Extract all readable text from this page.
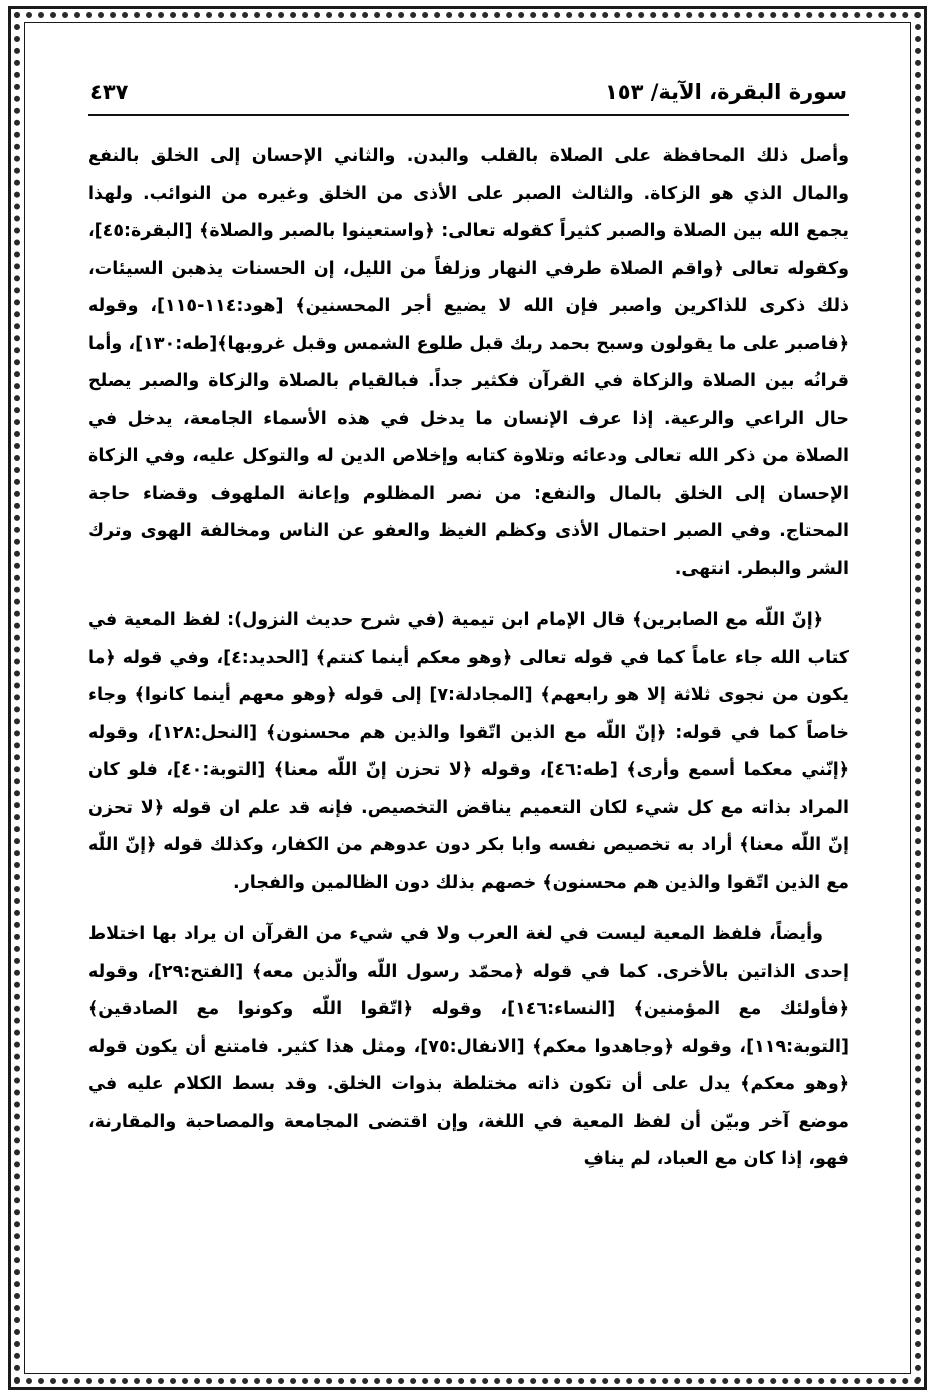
سورة البقرة، الآية/ ١٥٣
٤٣٧

وأصل ذلك المحافظة على الصلاة بالقلب والبدن. والثاني الإحسان إلى الخلق بالنفع والمال الذي هو الزكاة. والثالث الصبر على الأذى من الخلق وغيره من النوائب. ولهذا يجمع الله بين الصلاة والصبر كثيراً كقوله تعالى: ﴿واستعينوا بالصبر والصلاة﴾ [البقرة:٤٥]، وكقوله تعالى ﴿واقم الصلاة طرفي النهار وزلفاً من الليل، إن الحسنات يذهبن السيئات، ذلك ذكرى للذاكرين واصبر فإن الله لا يضيع أجر المحسنين﴾ [هود:١١٤-١١٥]، وقوله ﴿فاصبر على ما يقولون وسبح بحمد ربك قبل طلوع الشمس وقبل غروبها﴾[طه:١٣٠]، وأما قرانُه بين الصلاة والزكاة في القرآن فكثير جداً. فبالقيام بالصلاة والزكاة والصبر يصلح حال الراعي والرعية. إذا عرف الإنسان ما يدخل في هذه الأسماء الجامعة، يدخل في الصلاة من ذكر الله تعالى ودعائه وتلاوة كتابه وإخلاص الدين له والتوكل عليه، وفي الزكاة الإحسان إلى الخلق بالمال والنفع: من نصر المظلوم وإعانة الملهوف وقضاء حاجة المحتاج. وفي الصبر احتمال الأذى وكظم الغيظ والعفو عن الناس ومخالفة الهوى وترك الشر والبطر. انتهى.

﴿إنّ اللّه مع الصابرين﴾ قال الإمام ابن تيمية (في شرح حديث النزول): لفظ المعية في كتاب الله جاء عاماً كما في قوله تعالى ﴿وهو معكم أينما كنتم﴾ [الحديد:٤]، وفي قوله ﴿ما يكون من نجوى ثلاثة إلا هو رابعهم﴾ [المجادلة:٧] إلى قوله ﴿وهو معهم أينما كانوا﴾ وجاء خاصاً كما في قوله: ﴿إنّ اللّه مع الذين اتّقوا والذين هم محسنون﴾ [النحل:١٢٨]، وقوله ﴿إنّني معكما أسمع وأرى﴾ [طه:٤٦]، وقوله ﴿لا تحزن إنّ اللّه معنا﴾ [التوبة:٤٠]، فلو كان المراد بذاته مع كل شيء لكان التعميم يناقض التخصيص. فإنه قد علم ان قوله ﴿لا تحزن إنّ اللّه معنا﴾ أراد به تخصيص نفسه وابا بكر دون عدوهم من الكفار، وكذلك قوله ﴿إنّ اللّه مع الذين اتّقوا والذين هم محسنون﴾ خصهم بذلك دون الظالمين والفجار.

وأيضاً، فلفظ المعية ليست في لغة العرب ولا في شيء من القرآن ان يراد بها اختلاط إحدى الذاتين بالأخرى. كما في قوله ﴿محمّد رسول اللّه والّذين معه﴾ [الفتح:٢٩]، وقوله ﴿فأولئك مع المؤمنين﴾ [النساء:١٤٦]، وقوله ﴿اتّقوا اللّه وكونوا مع الصادقين﴾ [التوبة:١١٩]، وقوله ﴿وجاهدوا معكم﴾ [الانفال:٧٥]، ومثل هذا كثير. فامتنع أن يكون قوله ﴿وهو معكم﴾ يدل على أن تكون ذاته مختلطة بذوات الخلق. وقد بسط الكلام عليه في موضع آخر وبيّن أن لفظ المعية في اللغة، وإن اقتضى المجامعة والمصاحبة والمقارنة، فهو، إذا كان مع العباد، لم ينافِ
